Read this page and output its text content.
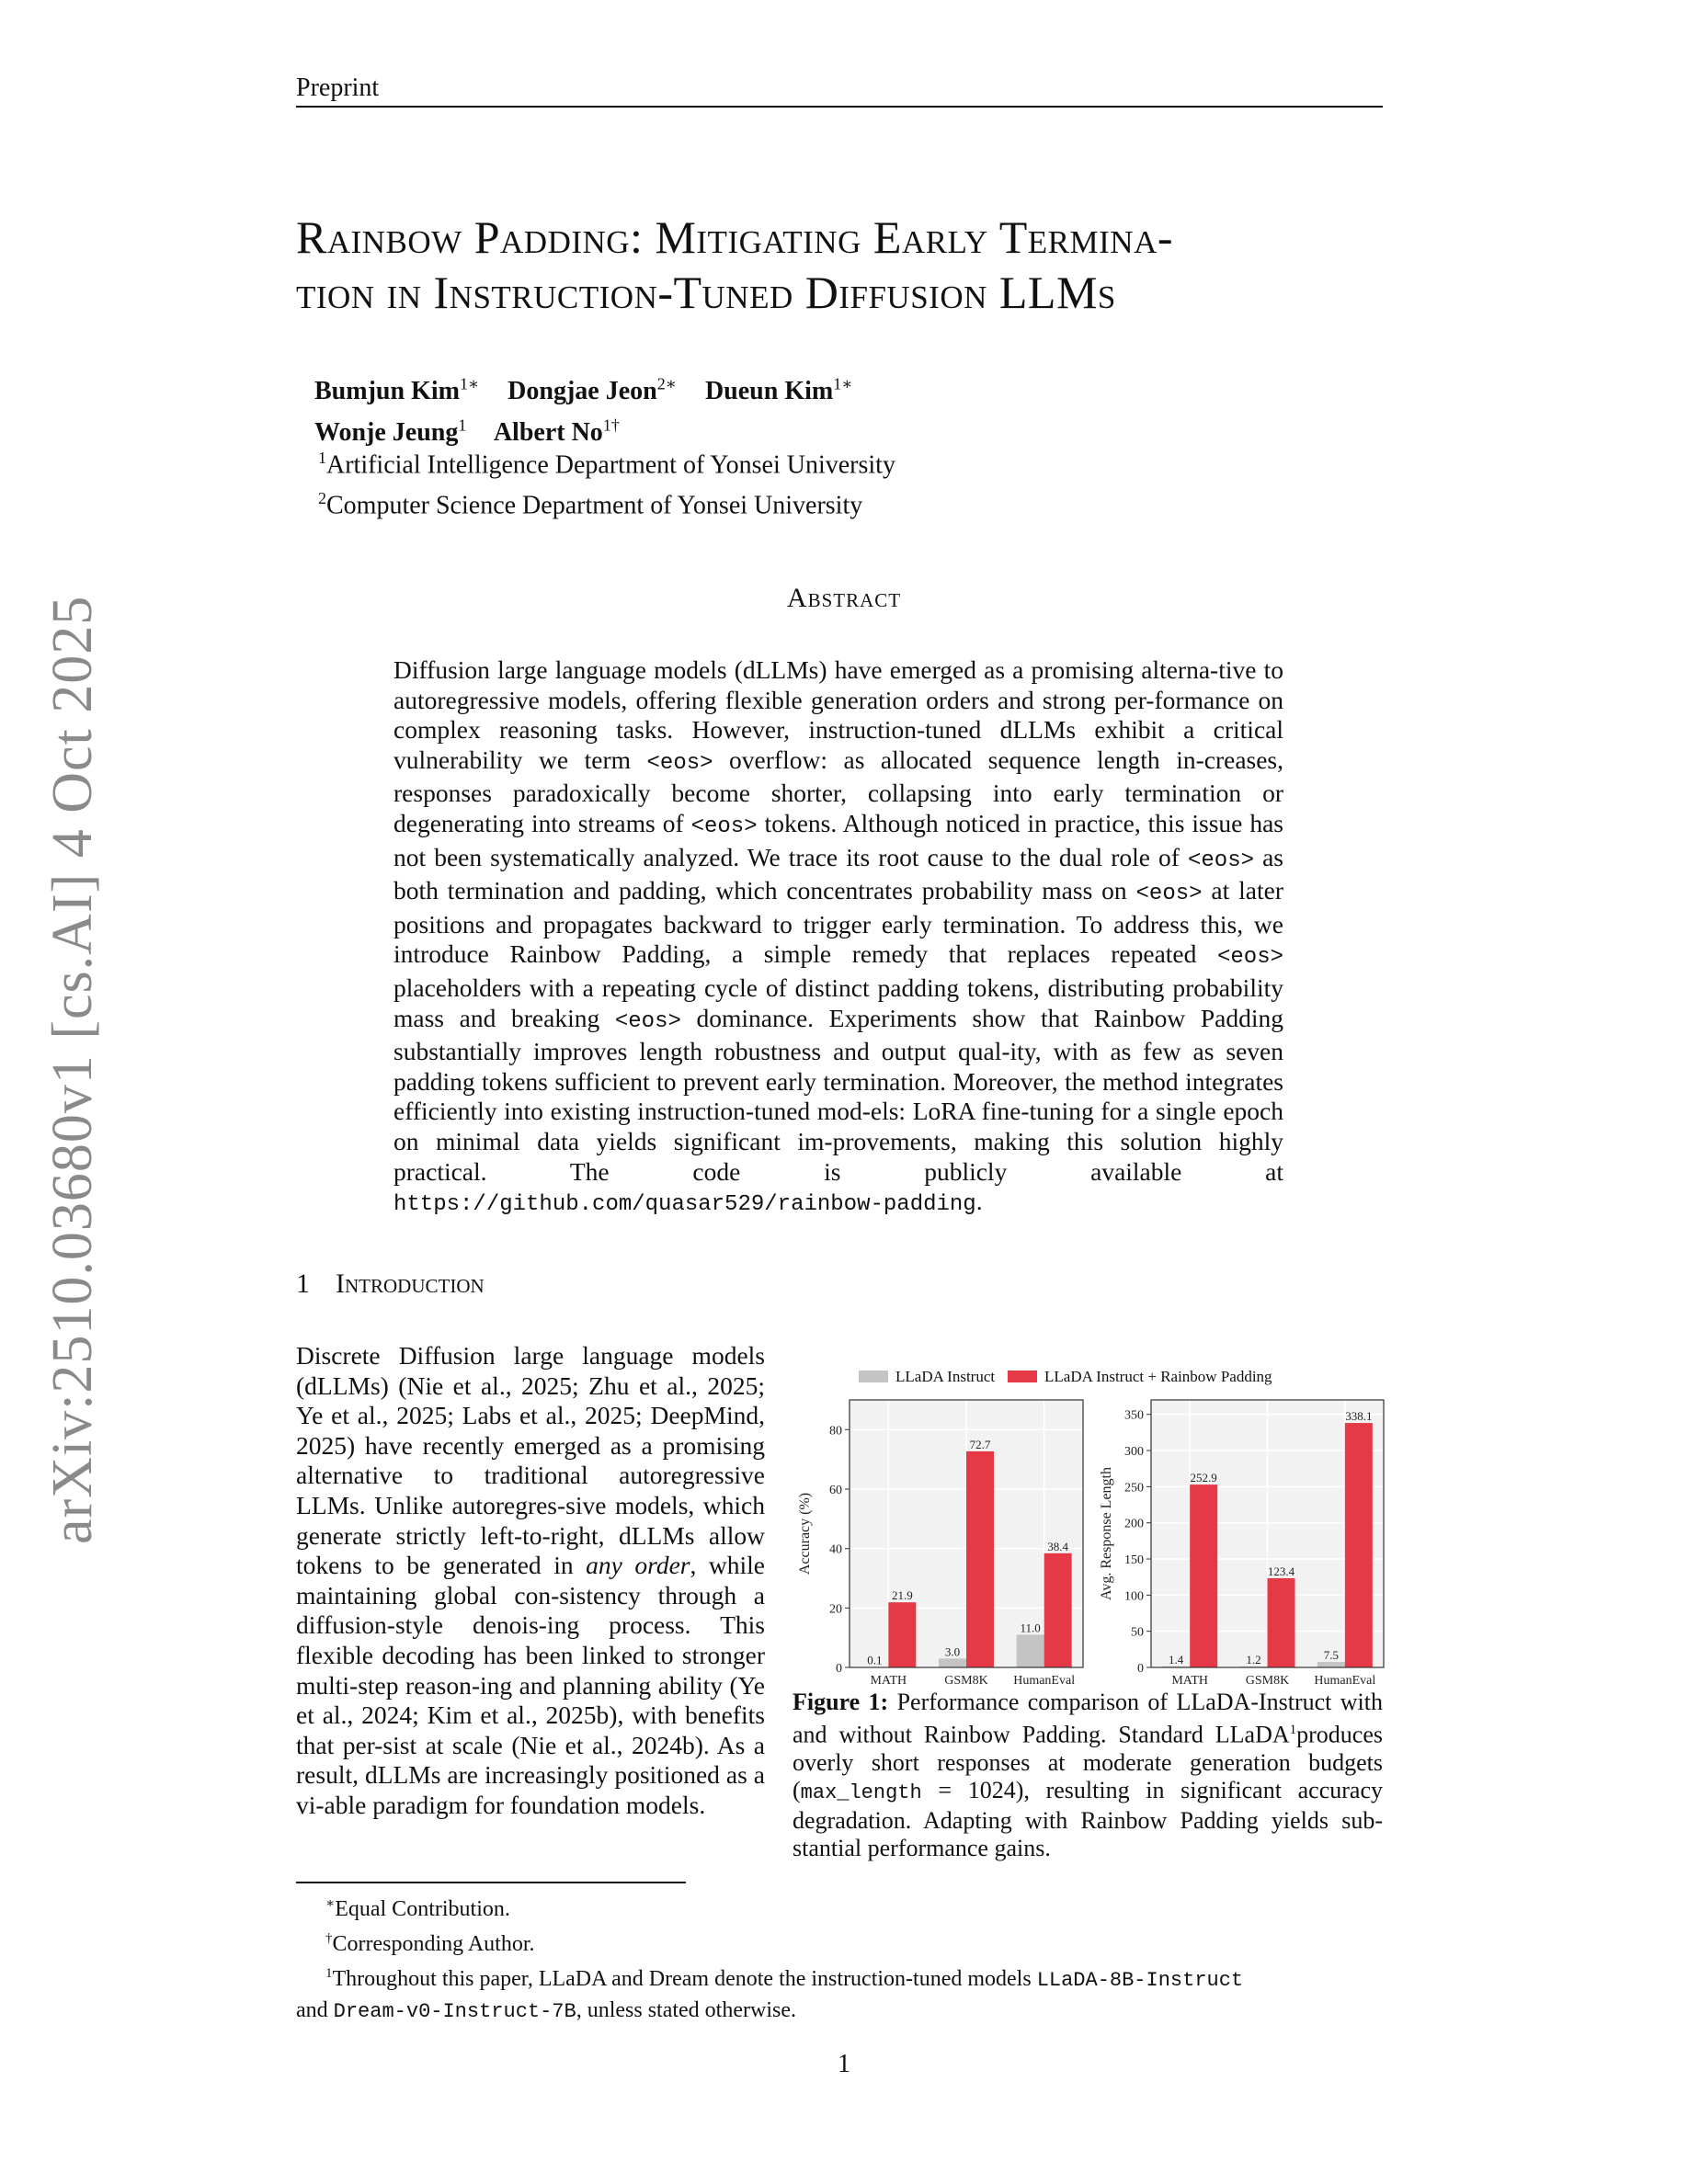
arXiv:2510.03680v1 [cs.AI] 4 Oct 2025
Preprint
Rainbow Padding: Mitigating Early Termina-
tion in Instruction-Tuned Diffusion LLMs
Bumjun Kim$^{1∗}$ Dongjae Jeon$^{2∗}$ Dueun Kim$^{1∗}$
Wonje Jeung$^1$ Albert $No^{1\dagger}$
$^1$Artificial Intelligence Department of Yonsei University
$^2$Computer Science Department of Yonsei University
Abstract
Diffusion large language models (dLLMs) have emerged as a promising alterna-tive to autoregressive models, offering flexible generation orders and strong per-formance on complex reasoning tasks. However, instruction-tuned dLLMs exhibit a critical vulnerability we term <eos> overflow: as allocated sequence length in-creases, responses paradoxically become shorter, collapsing into early termination or degenerating into streams of <eos> tokens. Although noticed in practice, this issue has not been systematically analyzed. We trace its root cause to the dual role of <eos> as both termination and padding, which concentrates probability mass on <eos> at later positions and propagates backward to trigger early termination. To address this, we introduce Rainbow Padding, a simple remedy that replaces repeated <eos> placeholders with a repeating cycle of distinct padding tokens, distributing probability mass and breaking <eos> dominance. Experiments show that Rainbow Padding substantially improves length robustness and output qual-ity, with as few as seven padding tokens sufficient to prevent early termination. Moreover, the method integrates efficiently into existing instruction-tuned mod-els: LoRA fine-tuning for a single epoch on minimal data yields significant im-provements, making this solution highly practical. The code is publicly available at https://github.com/quasar529/rainbow-padding.
1 Introduction
Discrete Diffusion large language models (dLLMs) (Nie et al., 2025; Zhu et al., 2025; Ye et al., 2025; Labs et al., 2025; DeepMind, 2025) have recently emerged as a promising alternative to traditional autoregressive LLMs. Unlike autoregres-sive models, which generate strictly left-to-right, dLLMs allow tokens to be generated in any order, while maintaining global con-sistency through a diffusion-style denois-ing process. This flexible decoding has been linked to stronger multi-step reason-ing and planning ability (Ye et al., 2024; Kim et al., 2025b), with benefits that per-sist at scale (Nie et al., 2024b). As a result, dLLMs are increasingly positioned as a vi-able paradigm for foundation models.
LLaDA Instruct	LLaDA Instruct + Rainbow Padding
0
20
40
60
80
0.1
21.9
MATH
3.0
72.7
GSM8K
11.0
38.4
HumanEval
Accuracy (%)
0
50
100
150
200
250
300
350
1.4
252.9
MATH
1.2
123.4
GSM8K
7.5
338.1
HumanEval
Avg. Response Length
Figure 1: Performance comparison of LLaDA-Instruct with and without Rainbow Padding. Standard LLaDA$^1$produces overly short responses at moderate generation budgets (max_length = 1024), resulting in significant accuracy degradation. Adapting with Rainbow Padding yields sub-stantial performance gains.
∗Equal Contribution.
†Corresponding Author.
$^1$Throughout this paper, LLaDA and Dream denote the instruction-tuned models LLaDA-8B-Instruct
and Dream-v0-Instruct-7B, unless stated otherwise.
1
